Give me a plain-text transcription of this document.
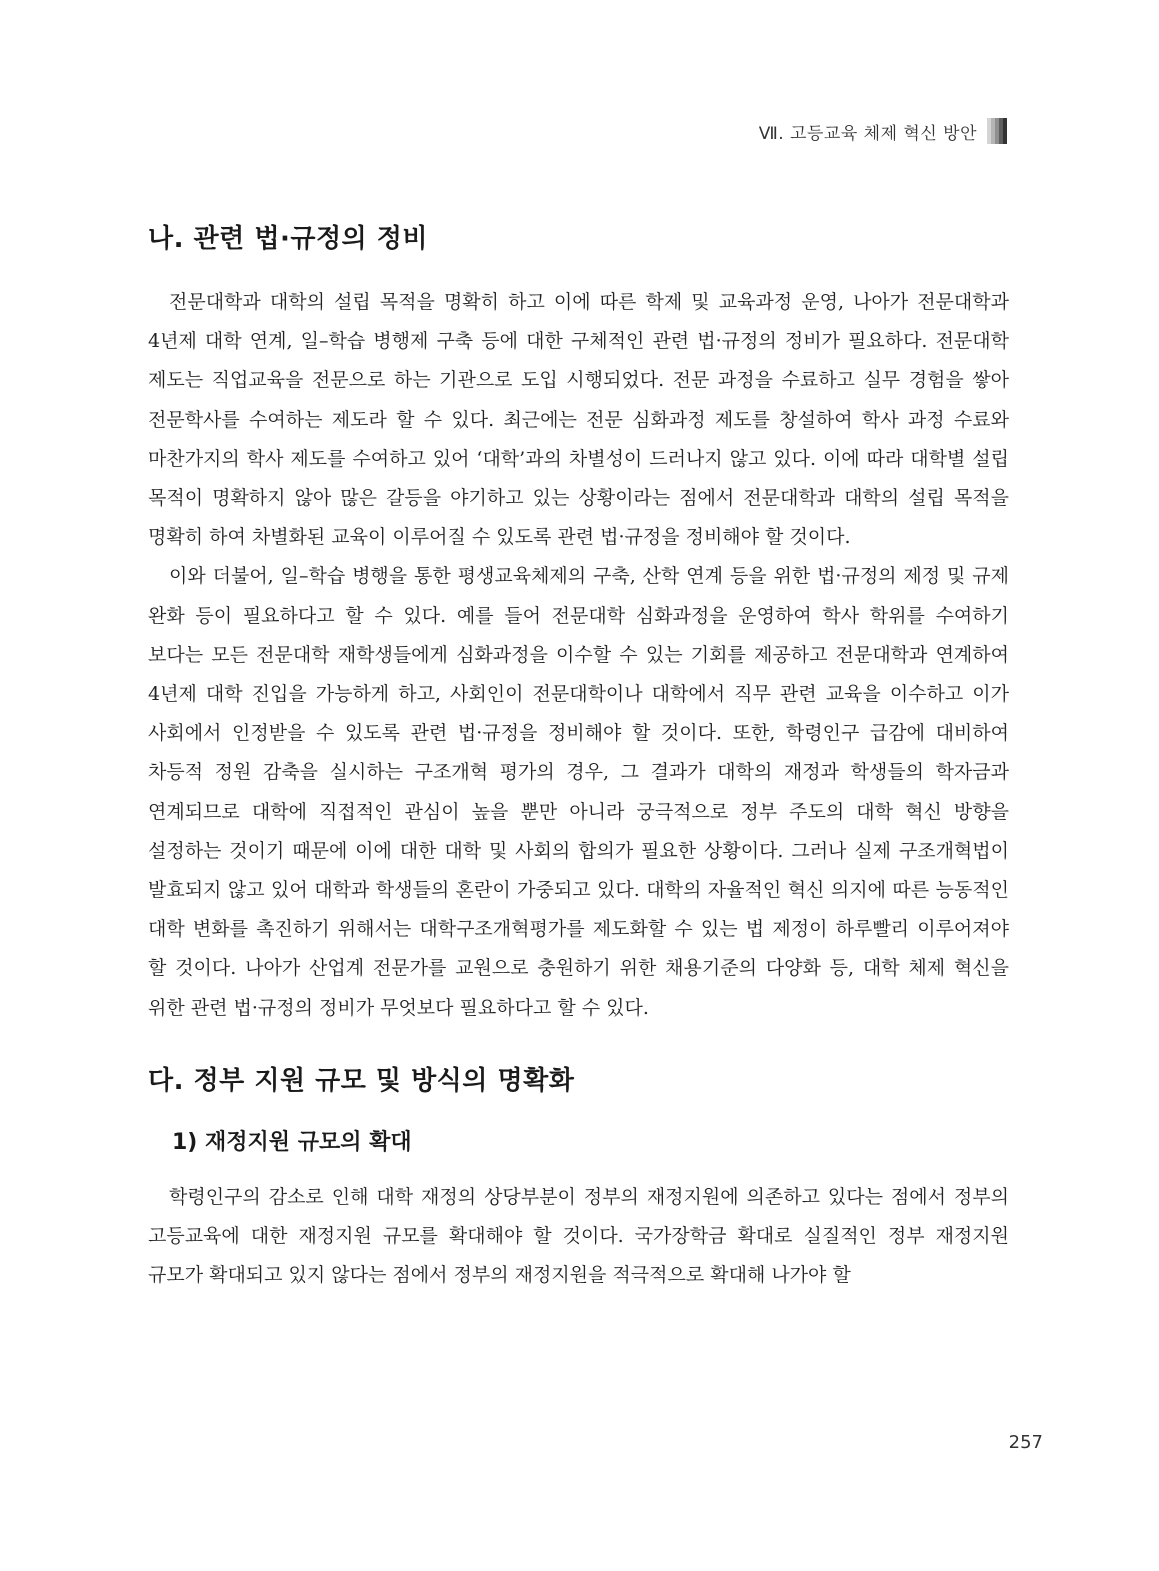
Ⅶ. 고등교육 체제 혁신 방안
나. 관련 법·규정의 정비

전문대학과 대학의 설립 목적을 명확히 하고 이에 따른 학제 및 교육과정 운영, 나아가 전문대학과 4년제 대학 연계, 일–학습 병행제 구축 등에 대한 구체적인 관련 법·규정의 정비가 필요하다. 전문대학 제도는 직업교육을 전문으로 하는 기관으로 도입 시행되었다. 전문 과정을 수료하고 실무 경험을 쌓아 전문학사를 수여하는 제도라 할 수 있다. 최근에는 전문 심화과정 제도를 창설하여 학사 과정 수료와 마찬가지의 학사 제도를 수여하고 있어 ‘대학’과의 차별성이 드러나지 않고 있다. 이에 따라 대학별 설립 목적이 명확하지 않아 많은 갈등을 야기하고 있는 상황이라는 점에서 전문대학과 대학의 설립 목적을 명확히 하여 차별화된 교육이 이루어질 수 있도록 관련 법·규정을 정비해야 할 것이다.

이와 더불어, 일–학습 병행을 통한 평생교육체제의 구축, 산학 연계 등을 위한 법·규정의 제정 및 규제 완화 등이 필요하다고 할 수 있다. 예를 들어 전문대학 심화과정을 운영하여 학사 학위를 수여하기 보다는 모든 전문대학 재학생들에게 심화과정을 이수할 수 있는 기회를 제공하고 전문대학과 연계하여 4년제 대학 진입을 가능하게 하고, 사회인이 전문대학이나 대학에서 직무 관련 교육을 이수하고 이가 사회에서 인정받을 수 있도록 관련 법·규정을 정비해야 할 것이다. 또한, 학령인구 급감에 대비하여 차등적 정원 감축을 실시하는 구조개혁 평가의 경우, 그 결과가 대학의 재정과 학생들의 학자금과 연계되므로 대학에 직접적인 관심이 높을 뿐만 아니라 궁극적으로 정부 주도의 대학 혁신 방향을 설정하는 것이기 때문에 이에 대한 대학 및 사회의 합의가 필요한 상황이다. 그러나 실제 구조개혁법이 발효되지 않고 있어 대학과 학생들의 혼란이 가중되고 있다. 대학의 자율적인 혁신 의지에 따른 능동적인 대학 변화를 촉진하기 위해서는 대학구조개혁평가를 제도화할 수 있는 법 제정이 하루빨리 이루어져야 할 것이다. 나아가 산업계 전문가를 교원으로 충원하기 위한 채용기준의 다양화 등, 대학 체제 혁신을 위한 관련 법·규정의 정비가 무엇보다 필요하다고 할 수 있다.

다. 정부 지원 규모 및 방식의 명확화
1) 재정지원 규모의 확대

학령인구의 감소로 인해 대학 재정의 상당부분이 정부의 재정지원에 의존하고 있다는 점에서 정부의 고등교육에 대한 재정지원 규모를 확대해야 할 것이다. 국가장학금 확대로 실질적인 정부 재정지원 규모가 확대되고 있지 않다는 점에서 정부의 재정지원을 적극적으로 확대해 나가야 할

257
